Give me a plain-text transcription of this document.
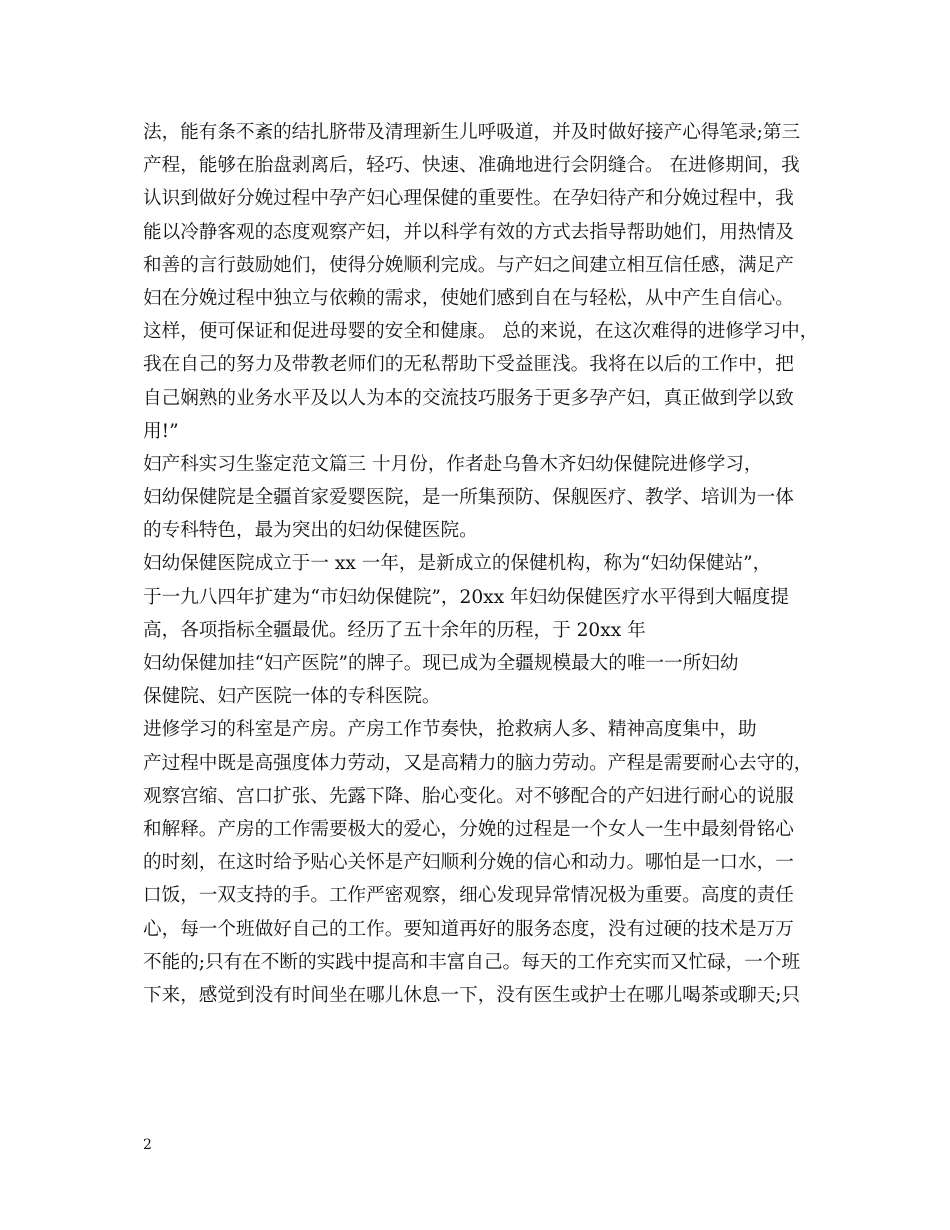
法，能有条不紊的结扎脐带及清理新生儿呼吸道，并及时做好接产心得笔录;第三
产程，能够在胎盘剥离后，轻巧、快速、准确地进行会阴缝合。 在进修期间，我
认识到做好分娩过程中孕产妇心理保健的重要性。在孕妇待产和分娩过程中，我
能以冷静客观的态度观察产妇，并以科学有效的方式去指导帮助她们，用热情及
和善的言行鼓励她们，使得分娩顺利完成。与产妇之间建立相互信任感，满足产
妇在分娩过程中独立与依赖的需求，使她们感到自在与轻松，从中产生自信心。
这样，便可保证和促进母婴的安全和健康。 总的来说，在这次难得的进修学习中，
我在自己的努力及带教老师们的无私帮助下受益匪浅。我将在以后的工作中，把
自己娴熟的业务水平及以人为本的交流技巧服务于更多孕产妇，真正做到学以致
用!”
妇产科实习生鉴定范文篇三 十月份，作者赴乌鲁木齐妇幼保健院进修学习，
妇幼保健院是全疆首家爱婴医院，是一所集预防、保舰医疗、教学、培训为一体
的专科特色，最为突出的妇幼保健医院。
妇幼保健医院成立于一 xx 一年，是新成立的保健机构，称为“妇幼保健站”，
于一九八四年扩建为“市妇幼保健院”，20xx 年妇幼保健医疗水平得到大幅度提
高，各项指标全疆最优。经历了五十余年的历程，于 20xx 年
妇幼保健加挂“妇产医院”的牌子。现已成为全疆规模最大的唯一一所妇幼
保健院、妇产医院一体的专科医院。
进修学习的科室是产房。产房工作节奏快，抢救病人多、精神高度集中，助
产过程中既是高强度体力劳动，又是高精力的脑力劳动。产程是需要耐心去守的，
观察宫缩、宫口扩张、先露下降、胎心变化。对不够配合的产妇进行耐心的说服
和解释。产房的工作需要极大的爱心，分娩的过程是一个女人一生中最刻骨铭心
的时刻，在这时给予贴心关怀是产妇顺利分娩的信心和动力。哪怕是一口水，一
口饭，一双支持的手。工作严密观察，细心发现异常情况极为重要。高度的责任
心，每一个班做好自己的工作。要知道再好的服务态度，没有过硬的技术是万万
不能的;只有在不断的实践中提高和丰富自己。每天的工作充实而又忙碌，一个班
下来，感觉到没有时间坐在哪儿休息一下，没有医生或护士在哪儿喝茶或聊天;只
2
